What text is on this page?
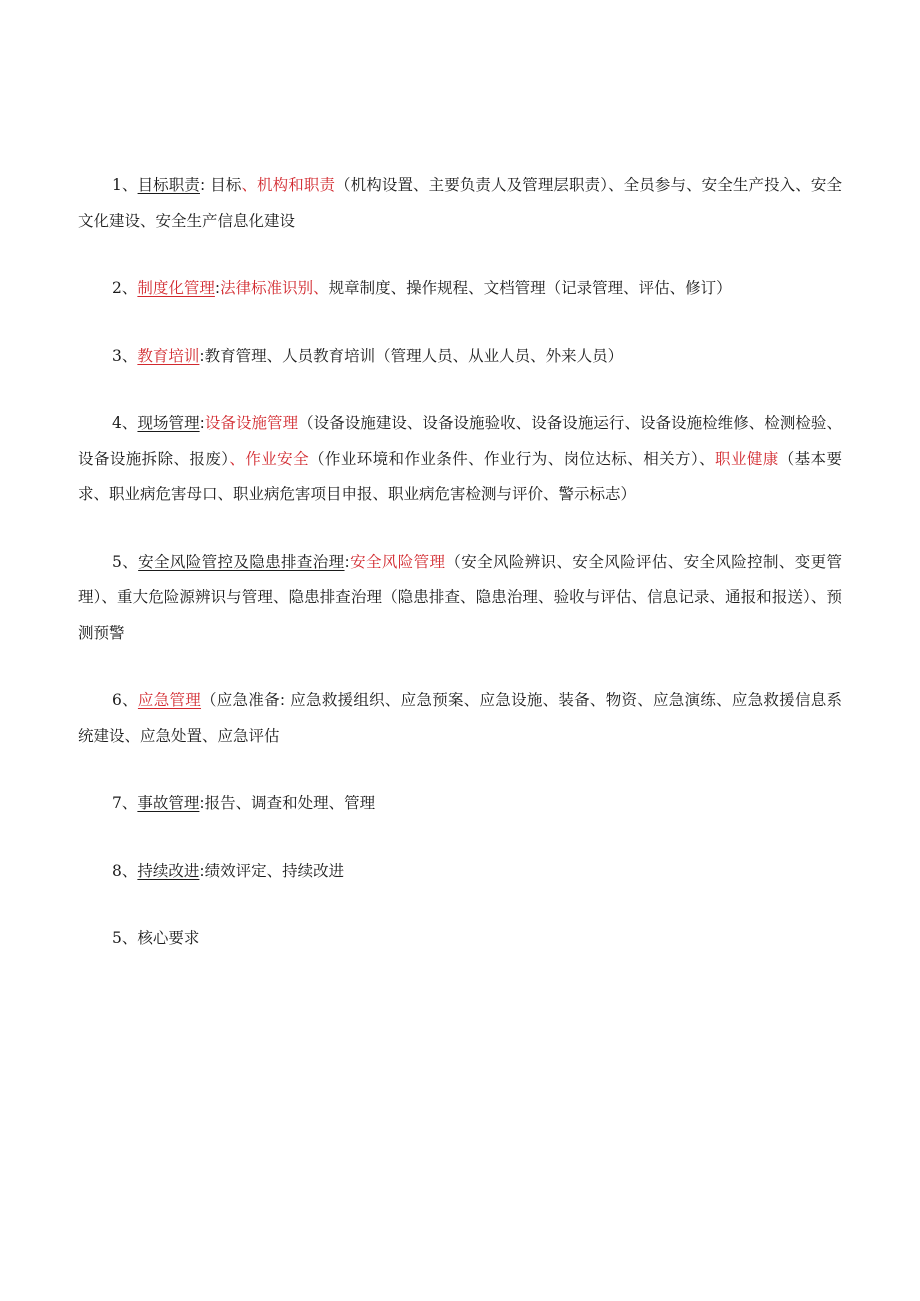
1、目标职责: 目标、机构和职责（机构设置、主要负责人及管理层职责）、全员参与、安全生产投入、安全文化建设、安全生产信息化建设

2、制度化管理:法律标准识别、规章制度、操作规程、文档管理（记录管理、评估、修订）

3、教育培训:教育管理、人员教育培训（管理人员、从业人员、外来人员）

4、现场管理:设备设施管理（设备设施建设、设备设施验收、设备设施运行、设备设施检维修、检测检验、设备设施拆除、报废）、作业安全（作业环境和作业条件、作业行为、岗位达标、相关方）、职业健康（基本要求、职业病危害母口、职业病危害项目申报、职业病危害检测与评价、警示标志）

5、安全风险管控及隐患排查治理:安全风险管理（安全风险辨识、安全风险评估、安全风险控制、变更管理）、重大危险源辨识与管理、隐患排查治理（隐患排查、隐患治理、验收与评估、信息记录、通报和报送）、预测预警

6、应急管理（应急准备: 应急救援组织、应急预案、应急设施、装备、物资、应急演练、应急救援信息系统建设、应急处置、应急评估

7、事故管理:报告、调查和处理、管理

8、持续改进:绩效评定、持续改进

5、核心要求
